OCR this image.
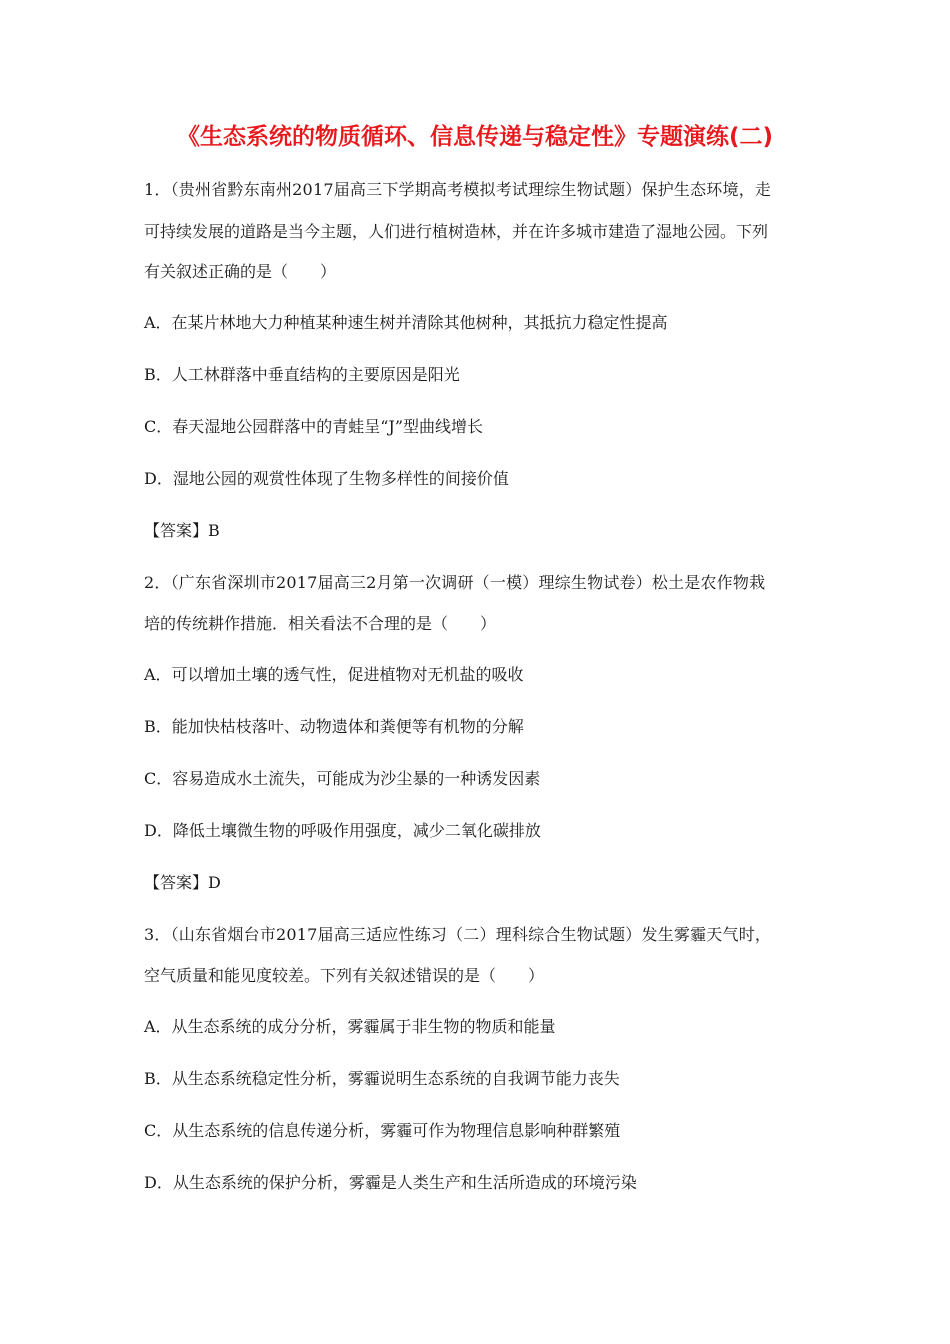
《生态系统的物质循环、信息传递与稳定性》专题演练(二)
1．（贵州省黔东南州2017届高三下学期高考模拟考试理综生物试题）保护生态环境，走
可持续发展的道路是当今主题，人们进行植树造林，并在许多城市建造了湿地公园。下列
有关叙述正确的是（　　）
A．在某片林地大力种植某种速生树并清除其他树种，其抵抗力稳定性提高
B．人工林群落中垂直结构的主要原因是阳光
C．春天湿地公园群落中的青蛙呈“J”型曲线增长
D．湿地公园的观赏性体现了生物多样性的间接价值
【答案】B
2．（广东省深圳市2017届高三2月第一次调研（一模）理综生物试卷）松土是农作物栽
培的传统耕作措施．相关看法不合理的是（　　）
A．可以增加土壤的透气性，促进植物对无机盐的吸收
B．能加快枯枝落叶、动物遗体和粪便等有机物的分解
C．容易造成水土流失，可能成为沙尘暴的一种诱发因素
D．降低土壤微生物的呼吸作用强度，减少二氧化碳排放
【答案】D
3．（山东省烟台市2017届高三适应性练习（二）理科综合生物试题）发生雾霾天气时，
空气质量和能见度较差。下列有关叙述错误的是（　　）
A．从生态系统的成分分析，雾霾属于非生物的物质和能量
B．从生态系统稳定性分析，雾霾说明生态系统的自我调节能力丧失
C．从生态系统的信息传递分析，雾霾可作为物理信息影响种群繁殖
D．从生态系统的保护分析，雾霾是人类生产和生活所造成的环境污染
